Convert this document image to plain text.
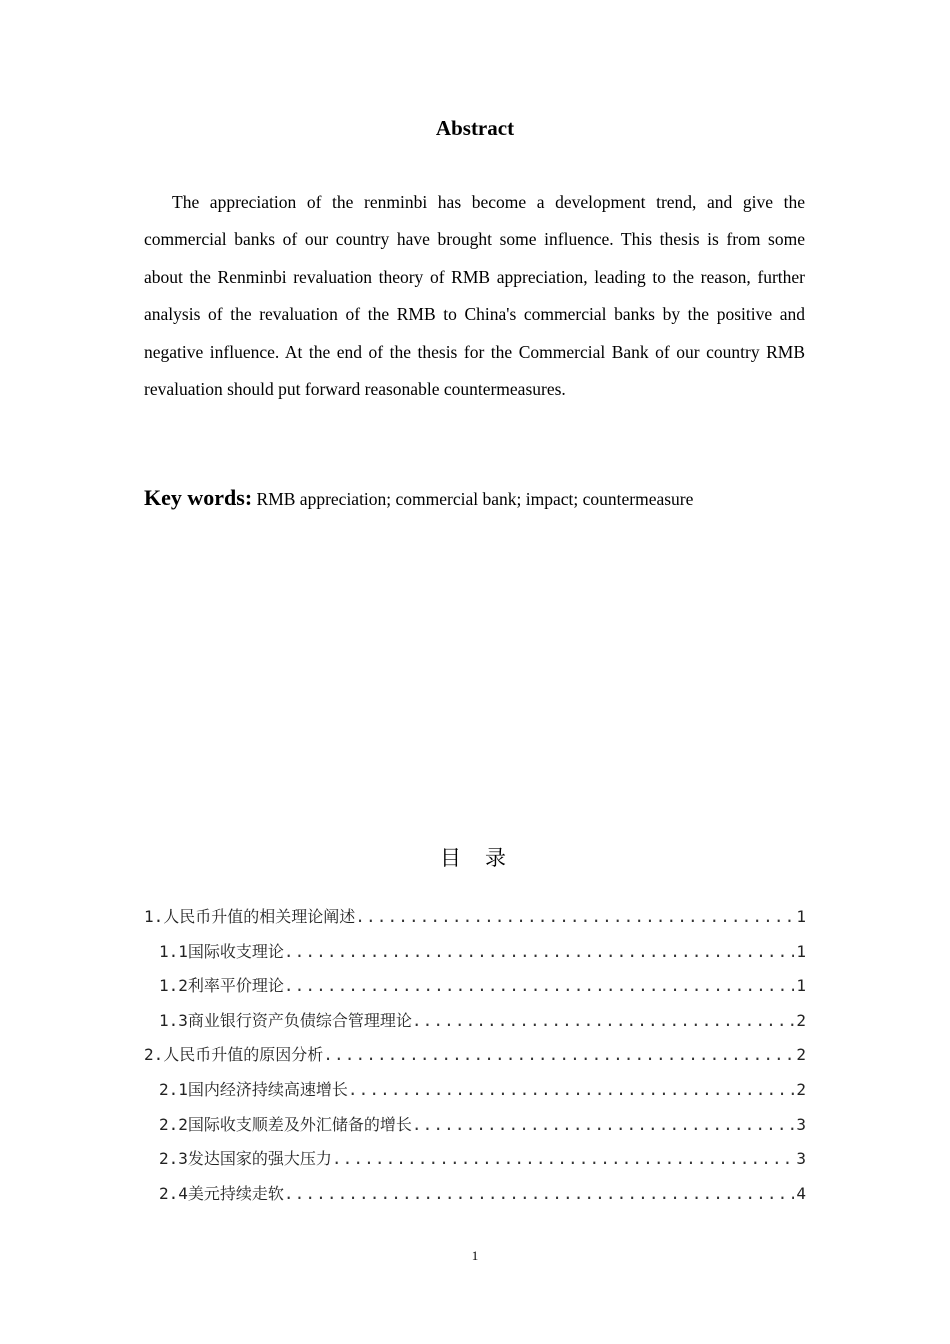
Abstract

The appreciation of the renminbi has become a development trend, and give the commercial banks of our country have brought some influence. This thesis is from some about the Renminbi revaluation theory of RMB appreciation, leading to the reason, further analysis of the revaluation of the RMB to China's commercial banks by the positive and negative influence. At the end of the thesis for the Commercial Bank of our country RMB revaluation should put forward reasonable countermeasures.

Key words: RMB appreciation; commercial bank; impact; countermeasure
目 录
1.人民币升值的相关理论阐述 .....	1
1.1国际收支理论 .....	1
1.2利率平价理论 .....	1
1.3商业银行资产负债综合管理理论 .....	2
2.人民币升值的原因分析 .....	2
2.1国内经济持续高速增长 .....	2
2.2国际收支顺差及外汇储备的增长 .....	3
2.3发达国家的强大压力 .....	3
2.4美元持续走软 .....	4
1
